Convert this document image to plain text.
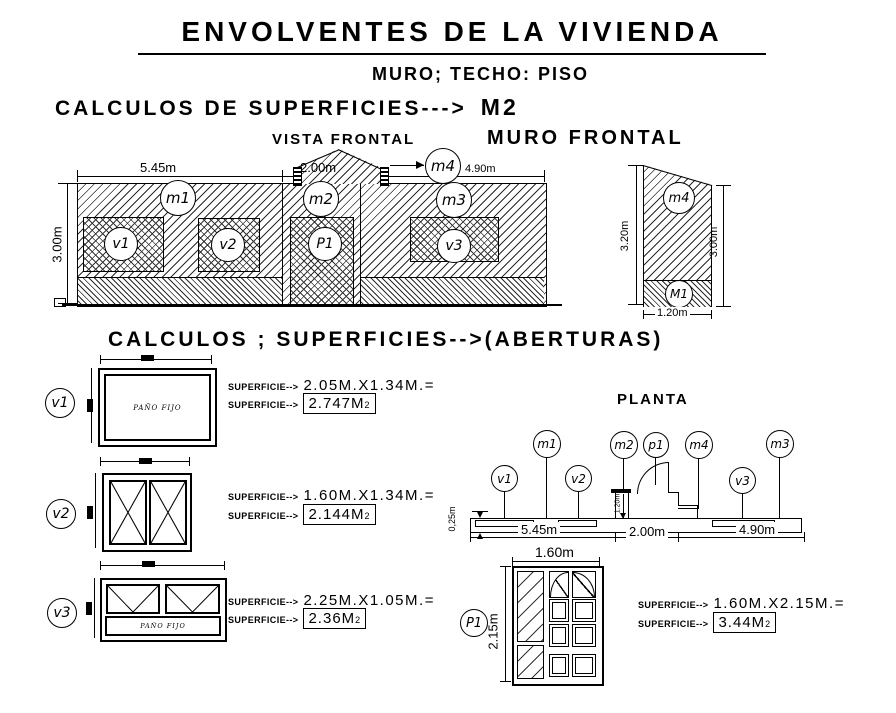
ENVOLVENTES DE LA VIVIENDA
MURO; TECHO: PISO
CALCULOS DE SUPERFICIES---> M2
VISTA FRONTAL	MURO FRONTAL
5.45m	2.00m	4.90m
3.00m
m1	m2	m3
m4
v1	v2	P1	v3
m4
M1
3.20m	3.00m
1.20m
CALCULOS ; SUPERFICIES-->(ABERTURAS)
v1	PAÑO FIJO
SUPERFICIE--> 2.05M.X1.34M.=
SUPERFICIE--> 2.747 M 2
v2
SUPERFICIE--> 1.60M.X1.34M.=
SUPERFICIE--> 2.144 M 2
v3
PAÑO FIJO
SUPERFICIE--> 2.25M.X1.05M.=
SUPERFICIE--> 2.36 M 2
PLANTA
m1	m2	p1	m4	m3
v1	v2	v3
1.20m
0,25m	5.45m	2.00m	4.90m
1.60m
2.15m
P1
SUPERFICIE--> 1.60M.X2.15M.=
SUPERFICIE--> 3.44 M 2
